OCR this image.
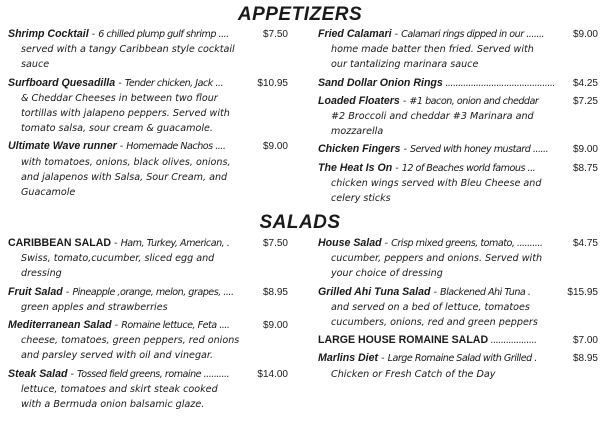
APPETIZERS
Shrimp Cocktail - 6 chilled plump gulf shrimp ....	$7.50
served with a tangy Caribbean style cocktail
sauce
Surfboard Quesadilla - Tender chicken, Jack ...	$10.95
& Cheddar Cheeses in between two flour
tortillas with jalapeno peppers. Served with
tomato salsa, sour cream & guacamole.
Ultimate Wave runner - Homemade Nachos ....	$9.00
with tomatoes, onions, black olives, onions,
and jalapenos with Salsa, Sour Cream, and
Guacamole
Fried Calamari - Calamari rings dipped in our .......	$9.00
home made batter then fried. Served with
our tantalizing marinara sauce
Sand Dollar Onion Rings ...........................................	$4.25
Loaded Floaters - #1 bacon, onion and cheddar	$7.25
#2 Broccoli and cheddar #3 Marinara and
mozzarella
Chicken Fingers - Served with honey mustard ......	$9.00
The Heat Is On - 12 of Beaches world famous ...	$8.75
chicken wings served with Bleu Cheese and
celery sticks
SALADS
CARIBBEAN SALAD - Ham, Turkey, American, .	$7.50
Swiss, tomato,cucumber, sliced egg and
dressing
Fruit Salad - Pineapple ,orange, melon, grapes, ....	$8.95
green apples and strawberries
Mediterranean Salad - Romaine lettuce, Feta ....	$9.00
cheese, tomatoes, green peppers, red onions
and parsley served with oil and vinegar.
Steak Salad - Tossed field greens, romaine ..........	$14.00
lettuce, tomatoes and skirt steak cooked
with a Bermuda onion balsamic glaze.
House Salad - Crisp mixed greens, tomato, ..........	$4.75
cucumber, peppers and onions. Served with
your choice of dressing
Grilled Ahi Tuna Salad - Blackened Ahi Tuna .	$15.95
and served on a bed of lettuce, tomatoes
cucumbers, onions, red and green peppers
LARGE HOUSE ROMAINE SALAD ..................	$7.00
Marlins Diet - Large Romaine Salad with Grilled .	$8.95
Chicken or Fresh Catch of the Day
